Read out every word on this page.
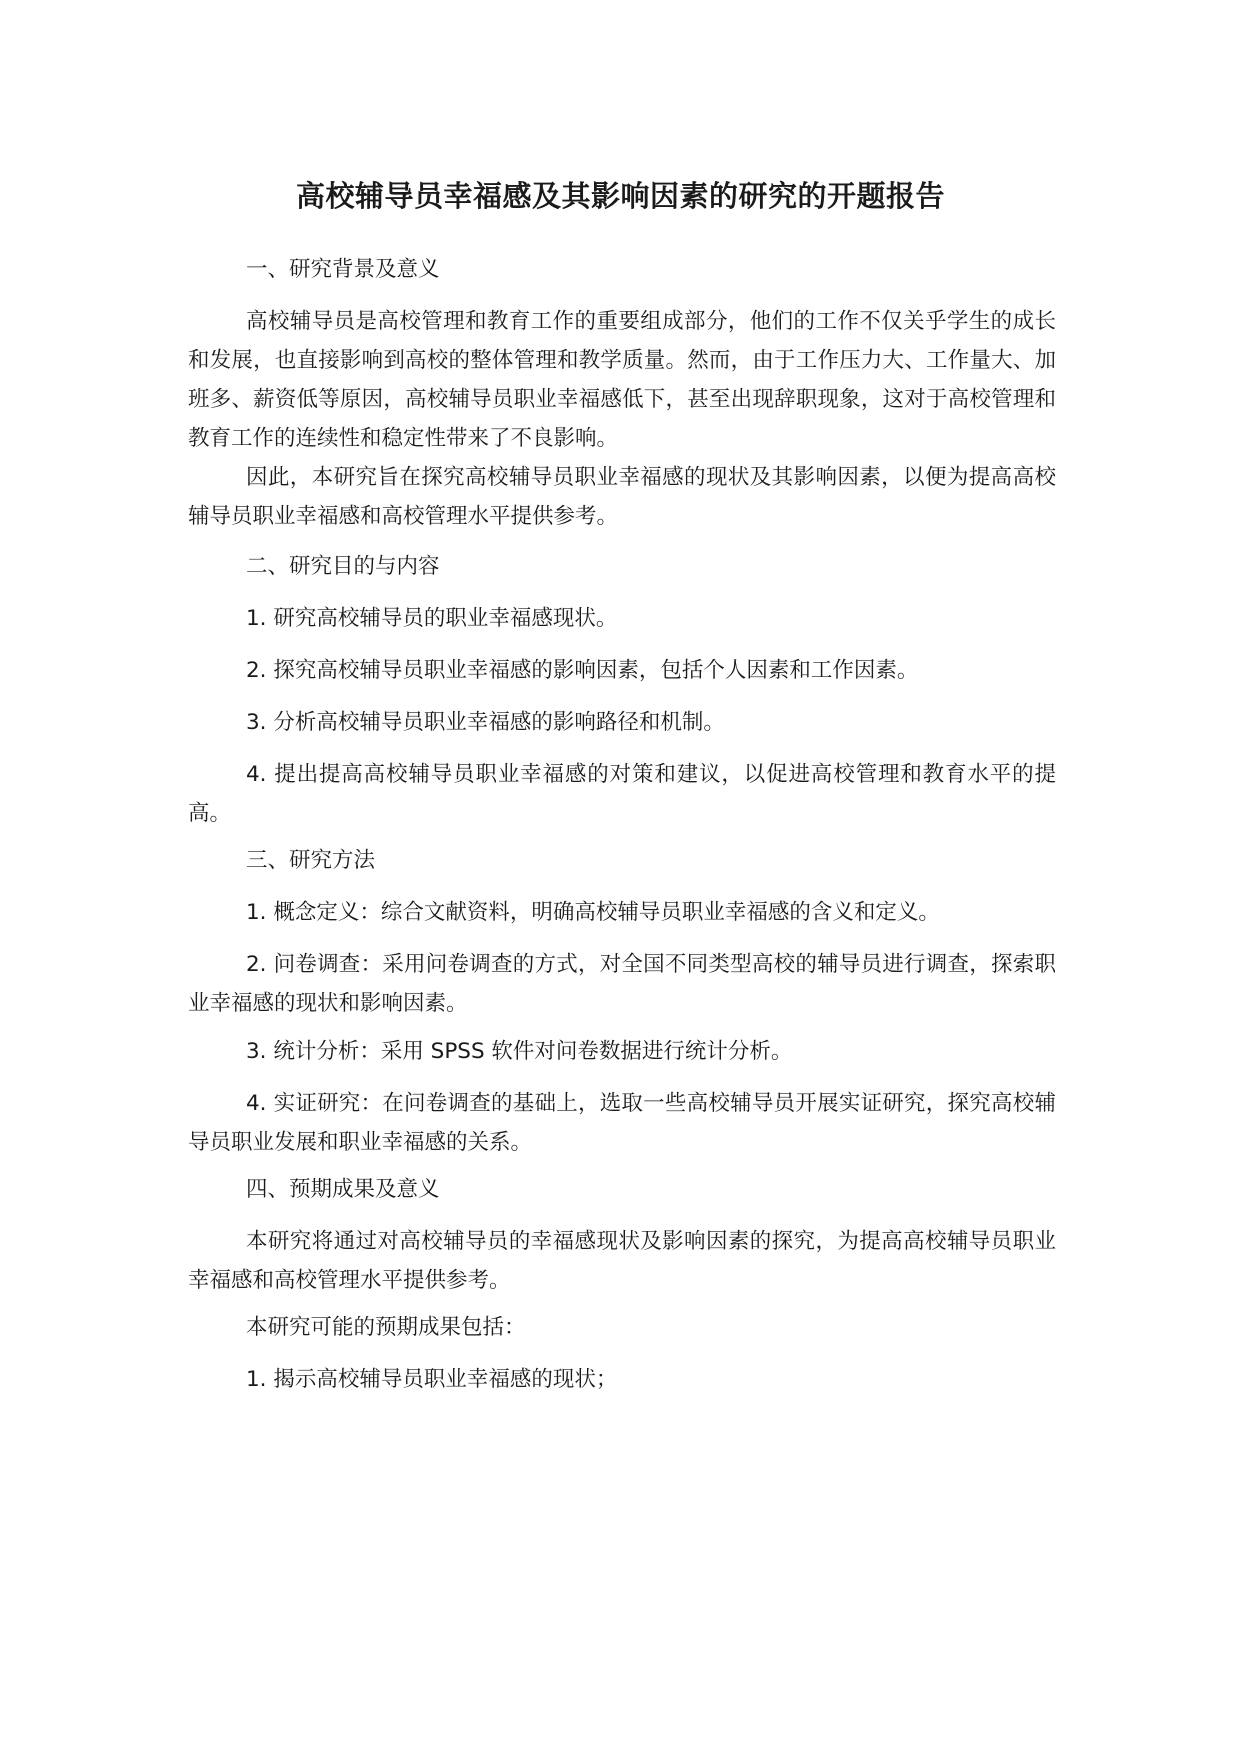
高校辅导员幸福感及其影响因素的研究的开题报告

一、研究背景及意义

高校辅导员是高校管理和教育工作的重要组成部分，他们的工作不仅关乎学生的成长和发展，也直接影响到高校的整体管理和教学质量。然而，由于工作压力大、工作量大、加班多、薪资低等原因，高校辅导员职业幸福感低下，甚至出现辞职现象，这对于高校管理和教育工作的连续性和稳定性带来了不良影响。

因此，本研究旨在探究高校辅导员职业幸福感的现状及其影响因素，以便为提高高校辅导员职业幸福感和高校管理水平提供参考。

二、研究目的与内容

1. 研究高校辅导员的职业幸福感现状。

2. 探究高校辅导员职业幸福感的影响因素，包括个人因素和工作因素。

3. 分析高校辅导员职业幸福感的影响路径和机制。

4. 提出提高高校辅导员职业幸福感的对策和建议，以促进高校管理和教育水平的提高。

三、研究方法

1. 概念定义：综合文献资料，明确高校辅导员职业幸福感的含义和定义。

2. 问卷调查：采用问卷调查的方式，对全国不同类型高校的辅导员进行调查，探索职业幸福感的现状和影响因素。

3. 统计分析：采用 SPSS 软件对问卷数据进行统计分析。

4. 实证研究：在问卷调查的基础上，选取一些高校辅导员开展实证研究，探究高校辅导员职业发展和职业幸福感的关系。

四、预期成果及意义

本研究将通过对高校辅导员的幸福感现状及影响因素的探究，为提高高校辅导员职业幸福感和高校管理水平提供参考。

本研究可能的预期成果包括：

1. 揭示高校辅导员职业幸福感的现状；
